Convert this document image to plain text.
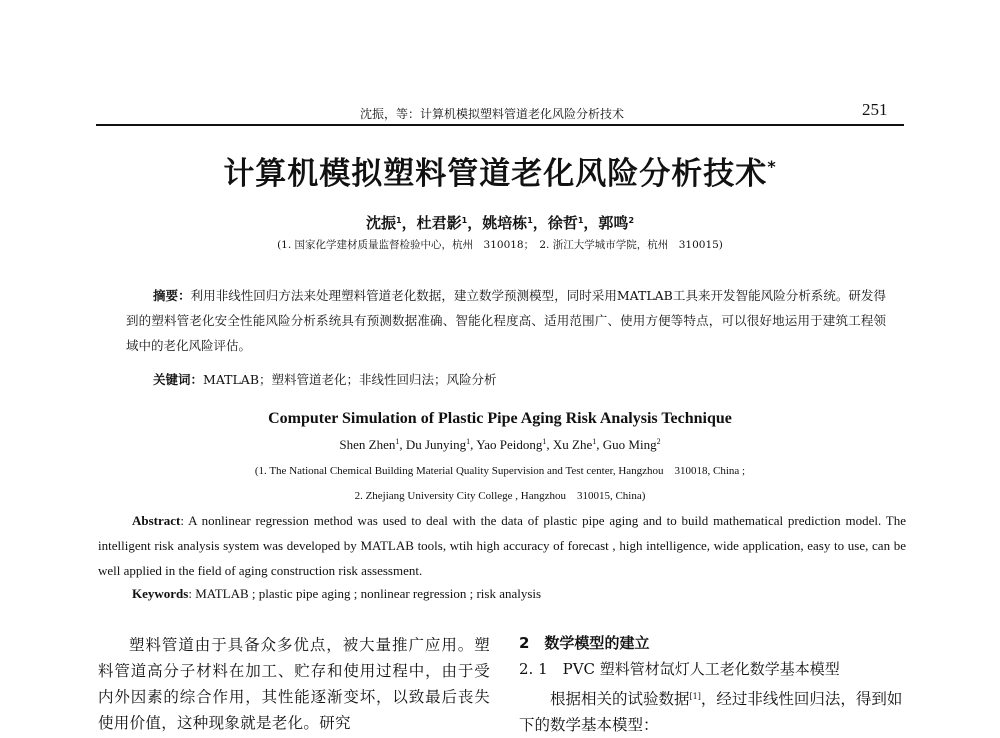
沈振，等：计算机模拟塑料管道老化风险分析技术	251
计算机模拟塑料管道老化风险分析技术*
沈振$^1$，杜君影$^1$，姚培栋$^1$，徐哲$^1$，郭鸣$^2$
(1. 国家化学建材质量监督检验中心，杭州　310018；　2. 浙江大学城市学院，杭州　310015)
摘要：利用非线性回归方法来处理塑料管道老化数据，建立数学预测模型，同时采用MATLAB工具来开发智能风险分析系统。研发得到的塑料管老化安全性能风险分析系统具有预测数据准确、智能化程度高、适用范围广、使用方便等特点，可以很好地运用于建筑工程领域中的老化风险评估。
关键词：MATLAB；塑料管道老化；非线性回归法；风险分析
Computer Simulation of Plastic Pipe Aging Risk Analysis Technique
Shen Zhen$^1$, Du Junying$^1$, Yao Peidong$^1$, Xu Zhe$^1$, Guo Ming$^2$
(1. The National Chemical Building Material Quality Supervision and Test center, Hangzhou　310018, China ;
2. Zhejiang University City College , Hangzhou　310015, China)
Abstract: A nonlinear regression method was used to deal with the data of plastic pipe aging and to build mathematical prediction model. The intelligent risk analysis system was developed by MATLAB tools, wtih high accuracy of forecast , high intelligence, wide application, easy to use, can be well applied in the field of aging construction risk assessment.
Keywords: MATLAB ; plastic pipe aging ; nonlinear regression ; risk analysis
塑料管道由于具备众多优点，被大量推广应用。塑料管道高分子材料在加工、贮存和使用过程中，由于受内外因素的综合作用，其性能逐渐变坏，以致最后丧失使用价值，这种现象就是老化。研究
2　数学模型的建立
2. 1　PVC 塑料管材氙灯人工老化数学基本模型
根据相关的试验数据[1]，经过非线性回归法，得到如下的数学基本模型：
